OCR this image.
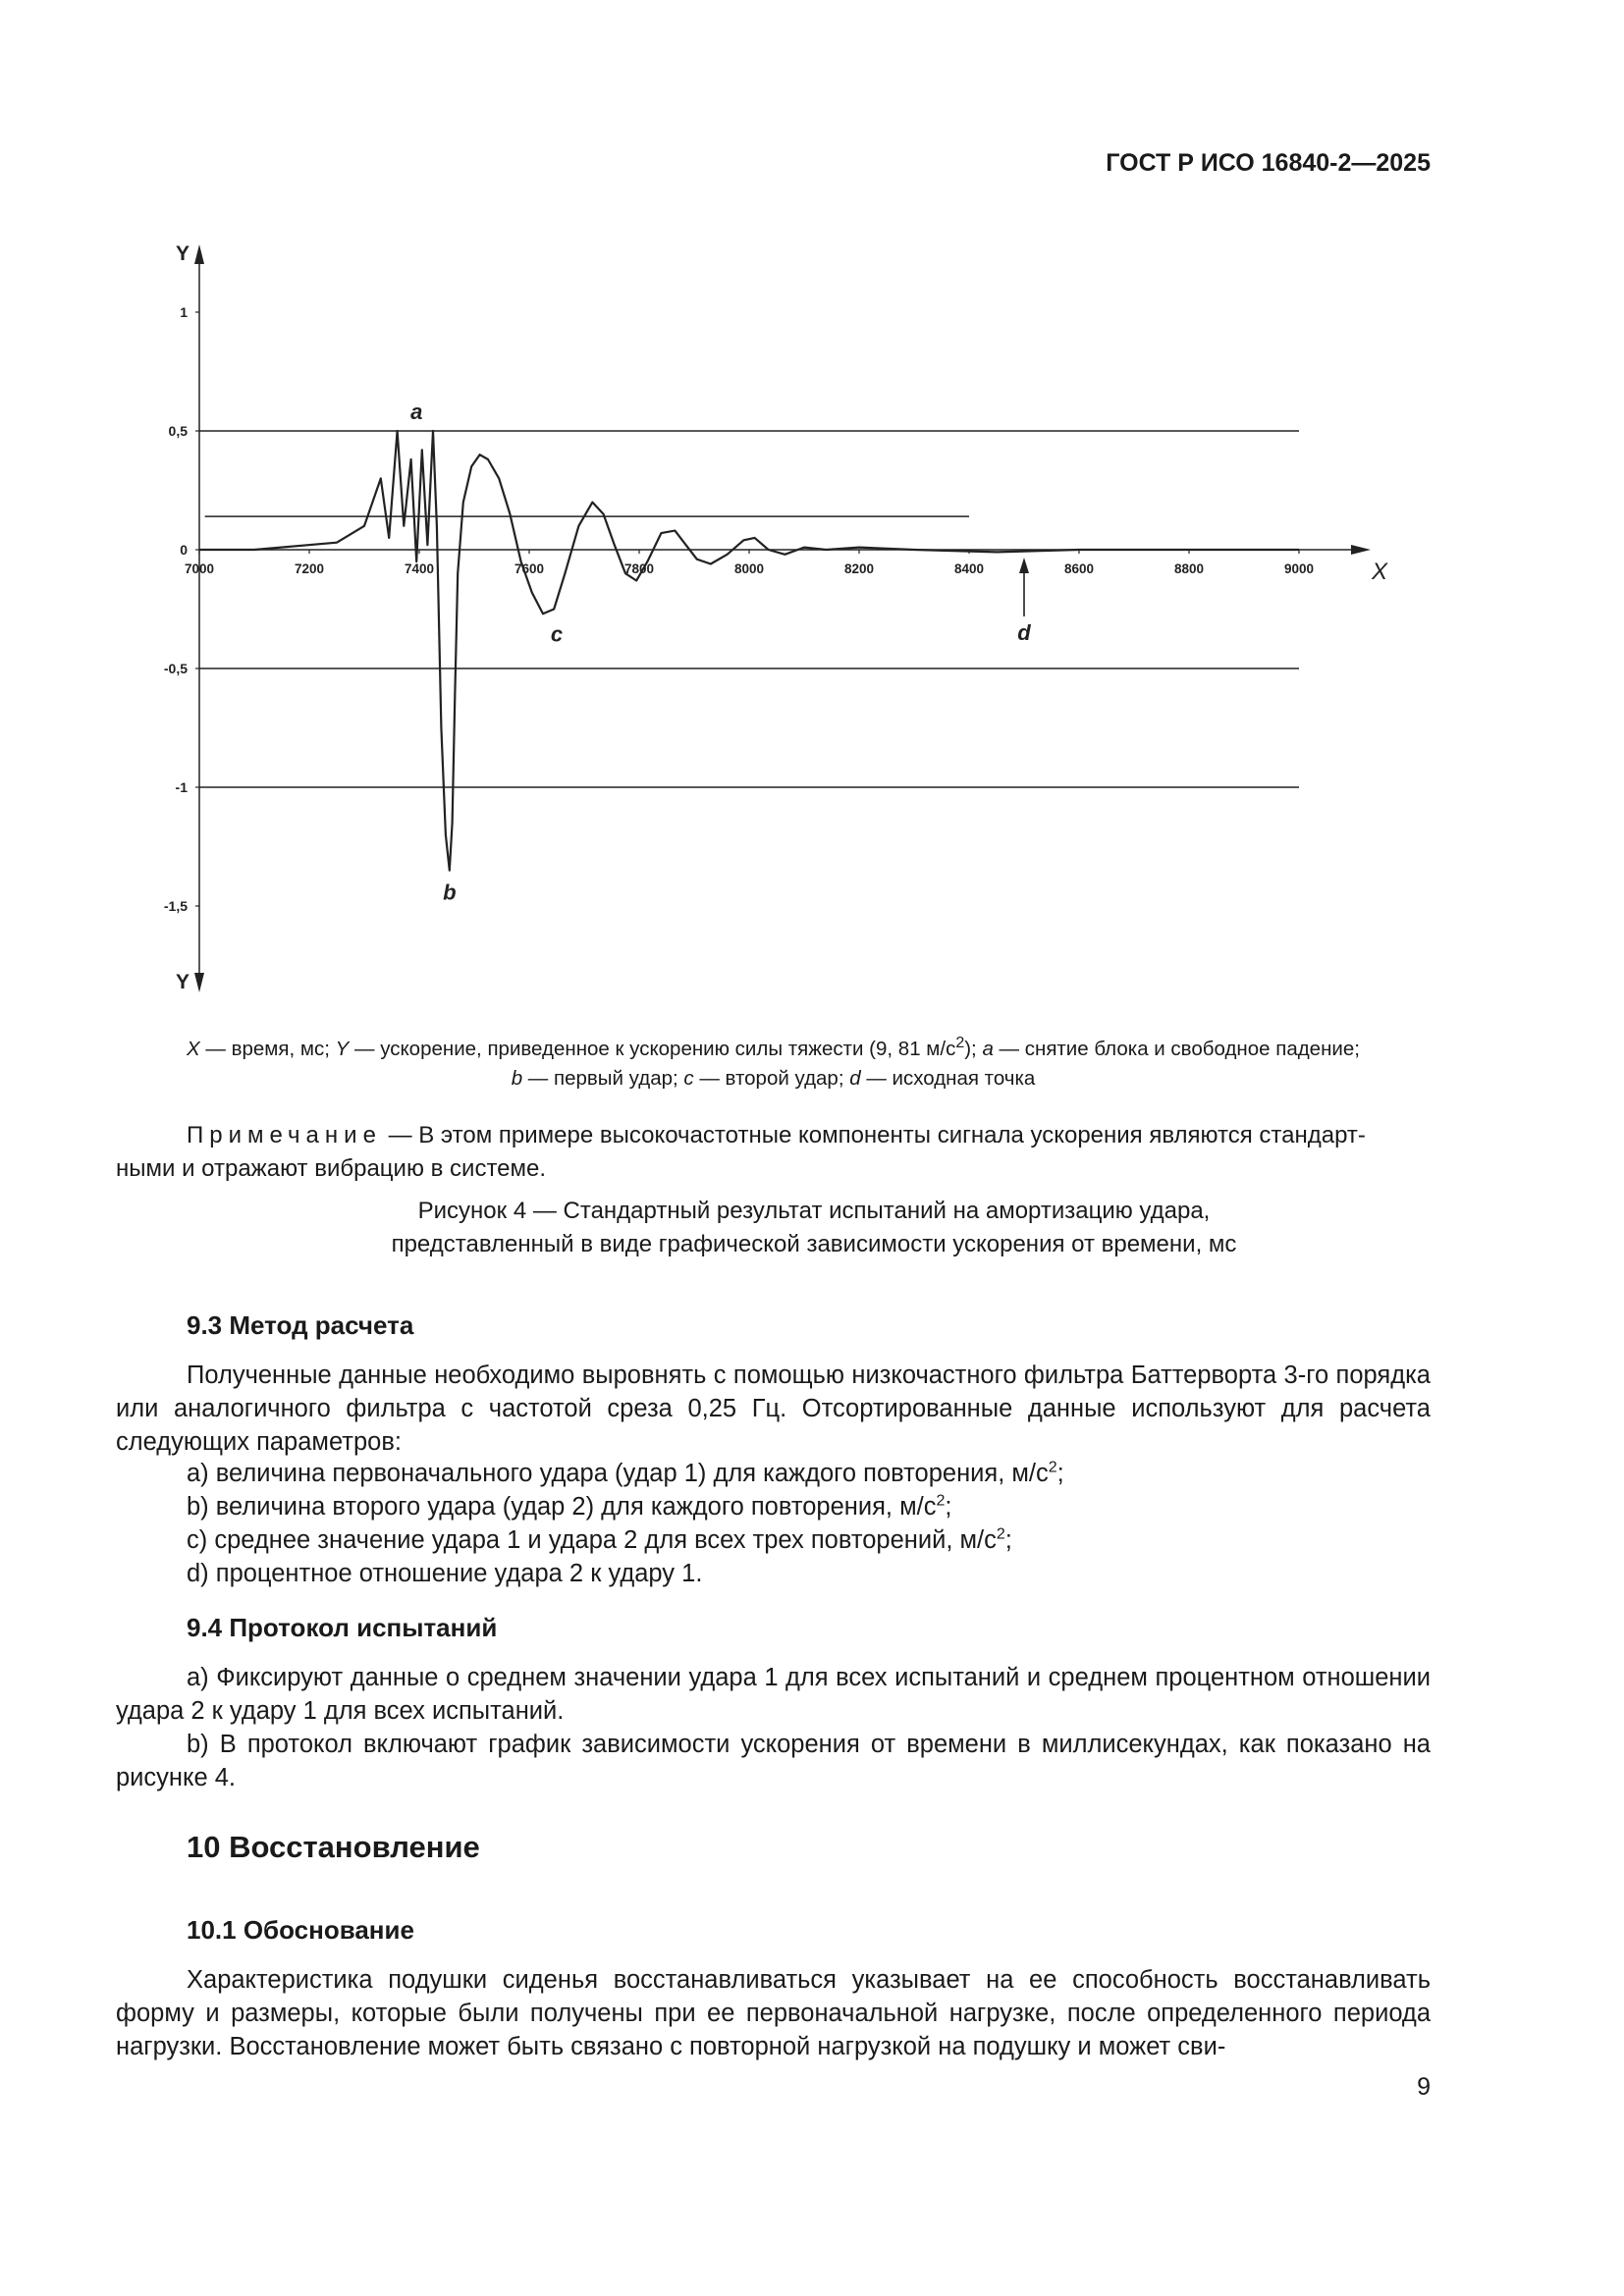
ГОСТ Р ИСО 16840-2—2025
Y
Y
X
1
0,5
0
-0,5
-1
-1,5
7000	7200	7400	7600	7800	8000	8200	8400	8600	8800	9000
a
b
c	d
X — время, мс; Y — ускорение, приведенное к ускорению силы тяжести (9, 81 $м/с^2$); a — снятие блока и свободное падение;
b — первый удар; c — второй удар; d — исходная точка
Примечание — В этом примере высокочастотные компоненты сигнала ускорения являются стандарт-
ными и отражают вибрацию в системе.
Рисунок 4 — Стандартный результат испытаний на амортизацию удара,
представленный в виде графической зависимости ускорения от времени, мс
9.3 Метод расчета
Полученные данные необходимо выровнять с помощью низкочастного фильтра Баттерворта 3-го порядка или аналогичного фильтра с частотой среза 0,25 Гц. Отсортированные данные используют для расчета следующих параметров:
а) величина первоначального удара (удар 1) для каждого повторения, $м/с^2$;
b) величина второго удара (удар 2) для каждого повторения, $м/с^2$;
с) среднее значение удара 1 и удара 2 для всех трех повторений, $м/с^2$;
d) процентное отношение удара 2 к удару 1.
9.4 Протокол испытаний
а) Фиксируют данные о среднем значении удара 1 для всех испытаний и среднем процентном отношении удара 2 к удару 1 для всех испытаний.
b) В протокол включают график зависимости ускорения от времени в миллисекундах, как показано на рисунке 4.
10 Восстановление
10.1 Обоснование
Характеристика подушки сиденья восстанавливаться указывает на ее способность восстанавливать форму и размеры, которые были получены при ее первоначальной нагрузке, после определенного периода нагрузки. Восстановление может быть связано с повторной нагрузкой на подушку и может сви-
9
